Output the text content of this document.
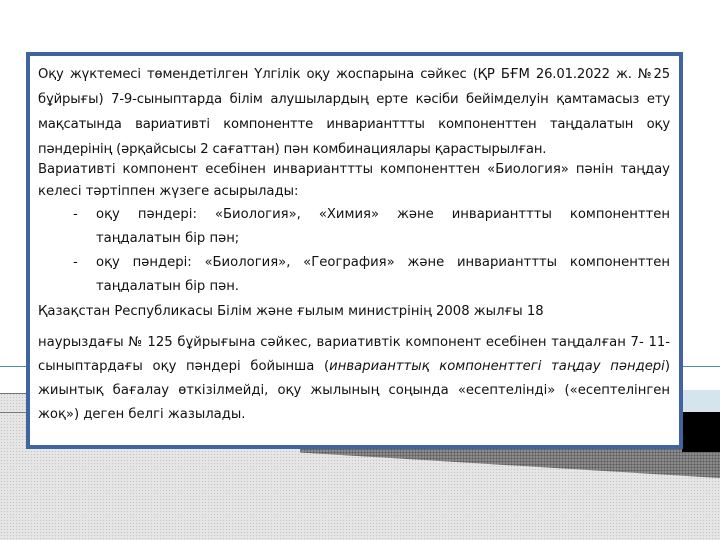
Оқу жүктемесі төмендетілген Үлгілік оқу жоспарына сәйкес (ҚР БҒМ 26.01.2022 ж. №25 бұйрығы) 7-9-сыныптарда білім алушылардың ерте кәсіби бейімделуін қамтамасыз ету мақсатында вариативті компонентте инварианттты компоненттен таңдалатын оқу пәндерінің (әрқайсысы 2 сағаттан) пән комбинациялары қарастырылған.

Вариативті компонент есебінен инварианттты компоненттен «Биология» пәнін таңдау келесі тәртіппен жүзеге асырылады:

- оқу пәндері: «Биология», «Химия» және инварианттты компоненттен таңдалатын бір пән;
- оқу пәндері: «Биология», «География» және инварианттты компоненттен таңдалатын бір пән.

Қазақстан Республикасы Білім және ғылым министрінің 2008 жылғы 18
наурыздағы № 125 бұйрығына сәйкес, вариативтік компонент есебінен таңдалған 7- 11-сыныптардағы оқу пәндері бойынша (инварианттық компоненттегі таңдау пәндері) жиынтық бағалау өткізілмейді, оқу жылының соңында «есептелінді» («есептелінген жоқ») деген белгі жазылады.
